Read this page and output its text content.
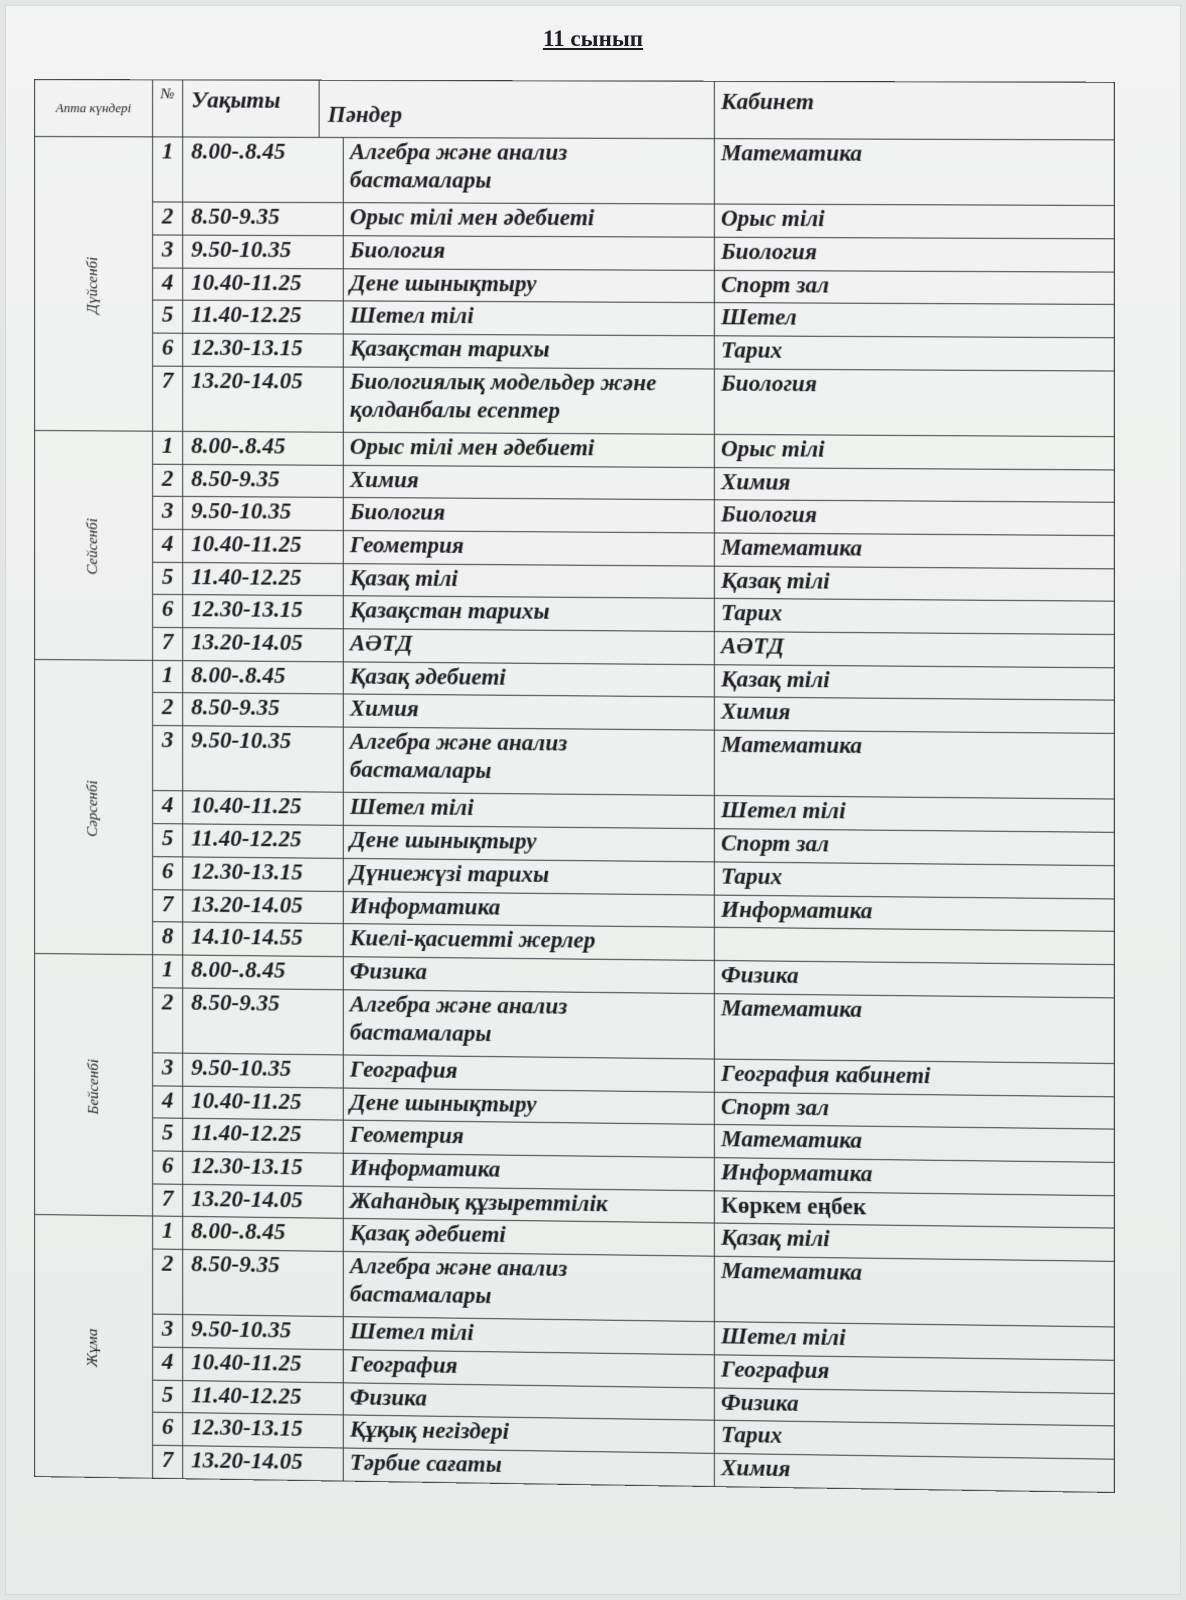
11 сынып
Апта күндері	№	Уақыты
Пәндер		Кабинет
Дүйсенбі	1	8.00-.8.45	Алгебра және анализ бастамалары	Математика
	2	8.50-9.35	Орыс тілі мен әдебиеті	Орыс тілі
	3	9.50-10.35	Биология	Биология
	4	10.40-11.25	Дене шынықтыру	Спорт зал
	5	11.40-12.25	Шетел тілі	Шетел
	6	12.30-13.15	Қазақстан тарихы	Тарих
	7	13.20-14.05	Биологиялық модельдер және қолданбалы есептер	Биология
Сейсенбі	1	8.00-.8.45	Орыс тілі мен әдебиеті	Орыс тілі
	2	8.50-9.35	Химия	Химия
	3	9.50-10.35	Биология	Биология
	4	10.40-11.25	Геометрия	Математика
	5	11.40-12.25	Қазақ тілі	Қазақ тілі
	6	12.30-13.15	Қазақстан тарихы	Тарих
	7	13.20-14.05	АӘТД	АӘТД
Сәрсенбі	1	8.00-.8.45	Қазақ әдебиеті	Қазақ тілі
	2	8.50-9.35	Химия	Химия
	3	9.50-10.35	Алгебра және анализ бастамалары	Математика
	4	10.40-11.25	Шетел тілі	Шетел тілі
	5	11.40-12.25	Дене шынықтыру	Спорт зал
	6	12.30-13.15	Дүниежүзі тарихы	Тарих
	7	13.20-14.05	Информатика	Информатика
	8	14.10-14.55	Киелі-қасиетті жерлер	
Бейсенбі	1	8.00-.8.45	Физика	Физика
	2	8.50-9.35	Алгебра және анализ бастамалары	Математика
	3	9.50-10.35	География	География кабинеті
	4	10.40-11.25	Дене шынықтыру	Спорт зал
	5	11.40-12.25	Геометрия	Математика
	6	12.30-13.15	Информатика	Информатика
	7	13.20-14.05	Жаһандық құзыреттілік	Көркем еңбек
Жұма	1	8.00-.8.45	Қазақ әдебиеті	Қазақ тілі
	2	8.50-9.35	Алгебра және анализ бастамалары	Математика
	3	9.50-10.35	Шетел тілі	Шетел тілі
	4	10.40-11.25	География	География
	5	11.40-12.25	Физика	Физика
	6	12.30-13.15	Құқық негіздері	Тарих
	7	13.20-14.05	Тәрбие сағаты	Химия
